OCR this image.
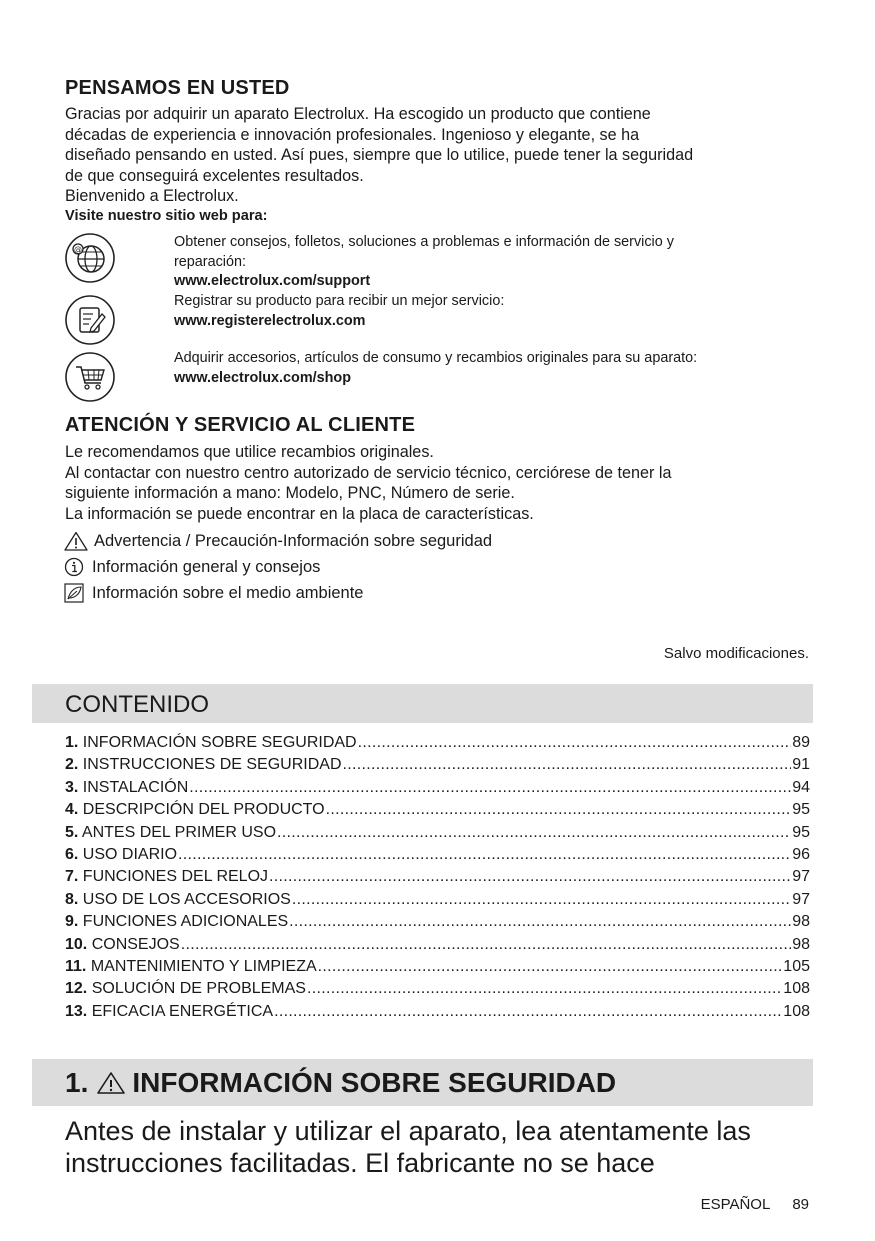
PENSAMOS EN USTED
Gracias por adquirir un aparato Electrolux. Ha escogido un producto que contiene
décadas de experiencia e innovación profesionales. Ingenioso y elegante, se ha
diseñado pensando en usted. Así pues, siempre que lo utilice, puede tener la seguridad
de que conseguirá excelentes resultados.
Bienvenido a Electrolux.
Visite nuestro sitio web para:
@	Obtener consejos, folletos, soluciones a problemas e información de servicio y
reparación:
www.electrolux.com/support
Registrar su producto para recibir un mejor servicio:
www.registerelectrolux.com
Adquirir accesorios, artículos de consumo y recambios originales para su aparato:
www.electrolux.com/shop
ATENCIÓN Y SERVICIO AL CLIENTE
Le recomendamos que utilice recambios originales.
Al contactar con nuestro centro autorizado de servicio técnico, cerciórese de tener la
siguiente información a mano: Modelo, PNC, Número de serie.
La información se puede encontrar en la placa de características.
Advertencia / Precaución-Información sobre seguridad
Información general y consejos
Información sobre el medio ambiente
Salvo modificaciones.
CONTENIDO
1. INFORMACIÓN SOBRE SEGURIDAD .....	89
2. INSTRUCCIONES DE SEGURIDAD .....	91
3. INSTALACIÓN .....	94
4. DESCRIPCIÓN DEL PRODUCTO .....	95
5. ANTES DEL PRIMER USO .....	95
6. USO DIARIO .....	96
7. FUNCIONES DEL RELOJ .....	97
8. USO DE LOS ACCESORIOS .....	97
9. FUNCIONES ADICIONALES .....	98
10. CONSEJOS .....	98
11. MANTENIMIENTO Y LIMPIEZA .....	105
12. SOLUCIÓN DE PROBLEMAS .....	108
13. EFICACIA ENERGÉTICA .....	108
1. INFORMACIÓN SOBRE SEGURIDAD
Antes de instalar y utilizar el aparato, lea atentamente las
instrucciones facilitadas. El fabricante no se hace
ESPAÑOL 89
